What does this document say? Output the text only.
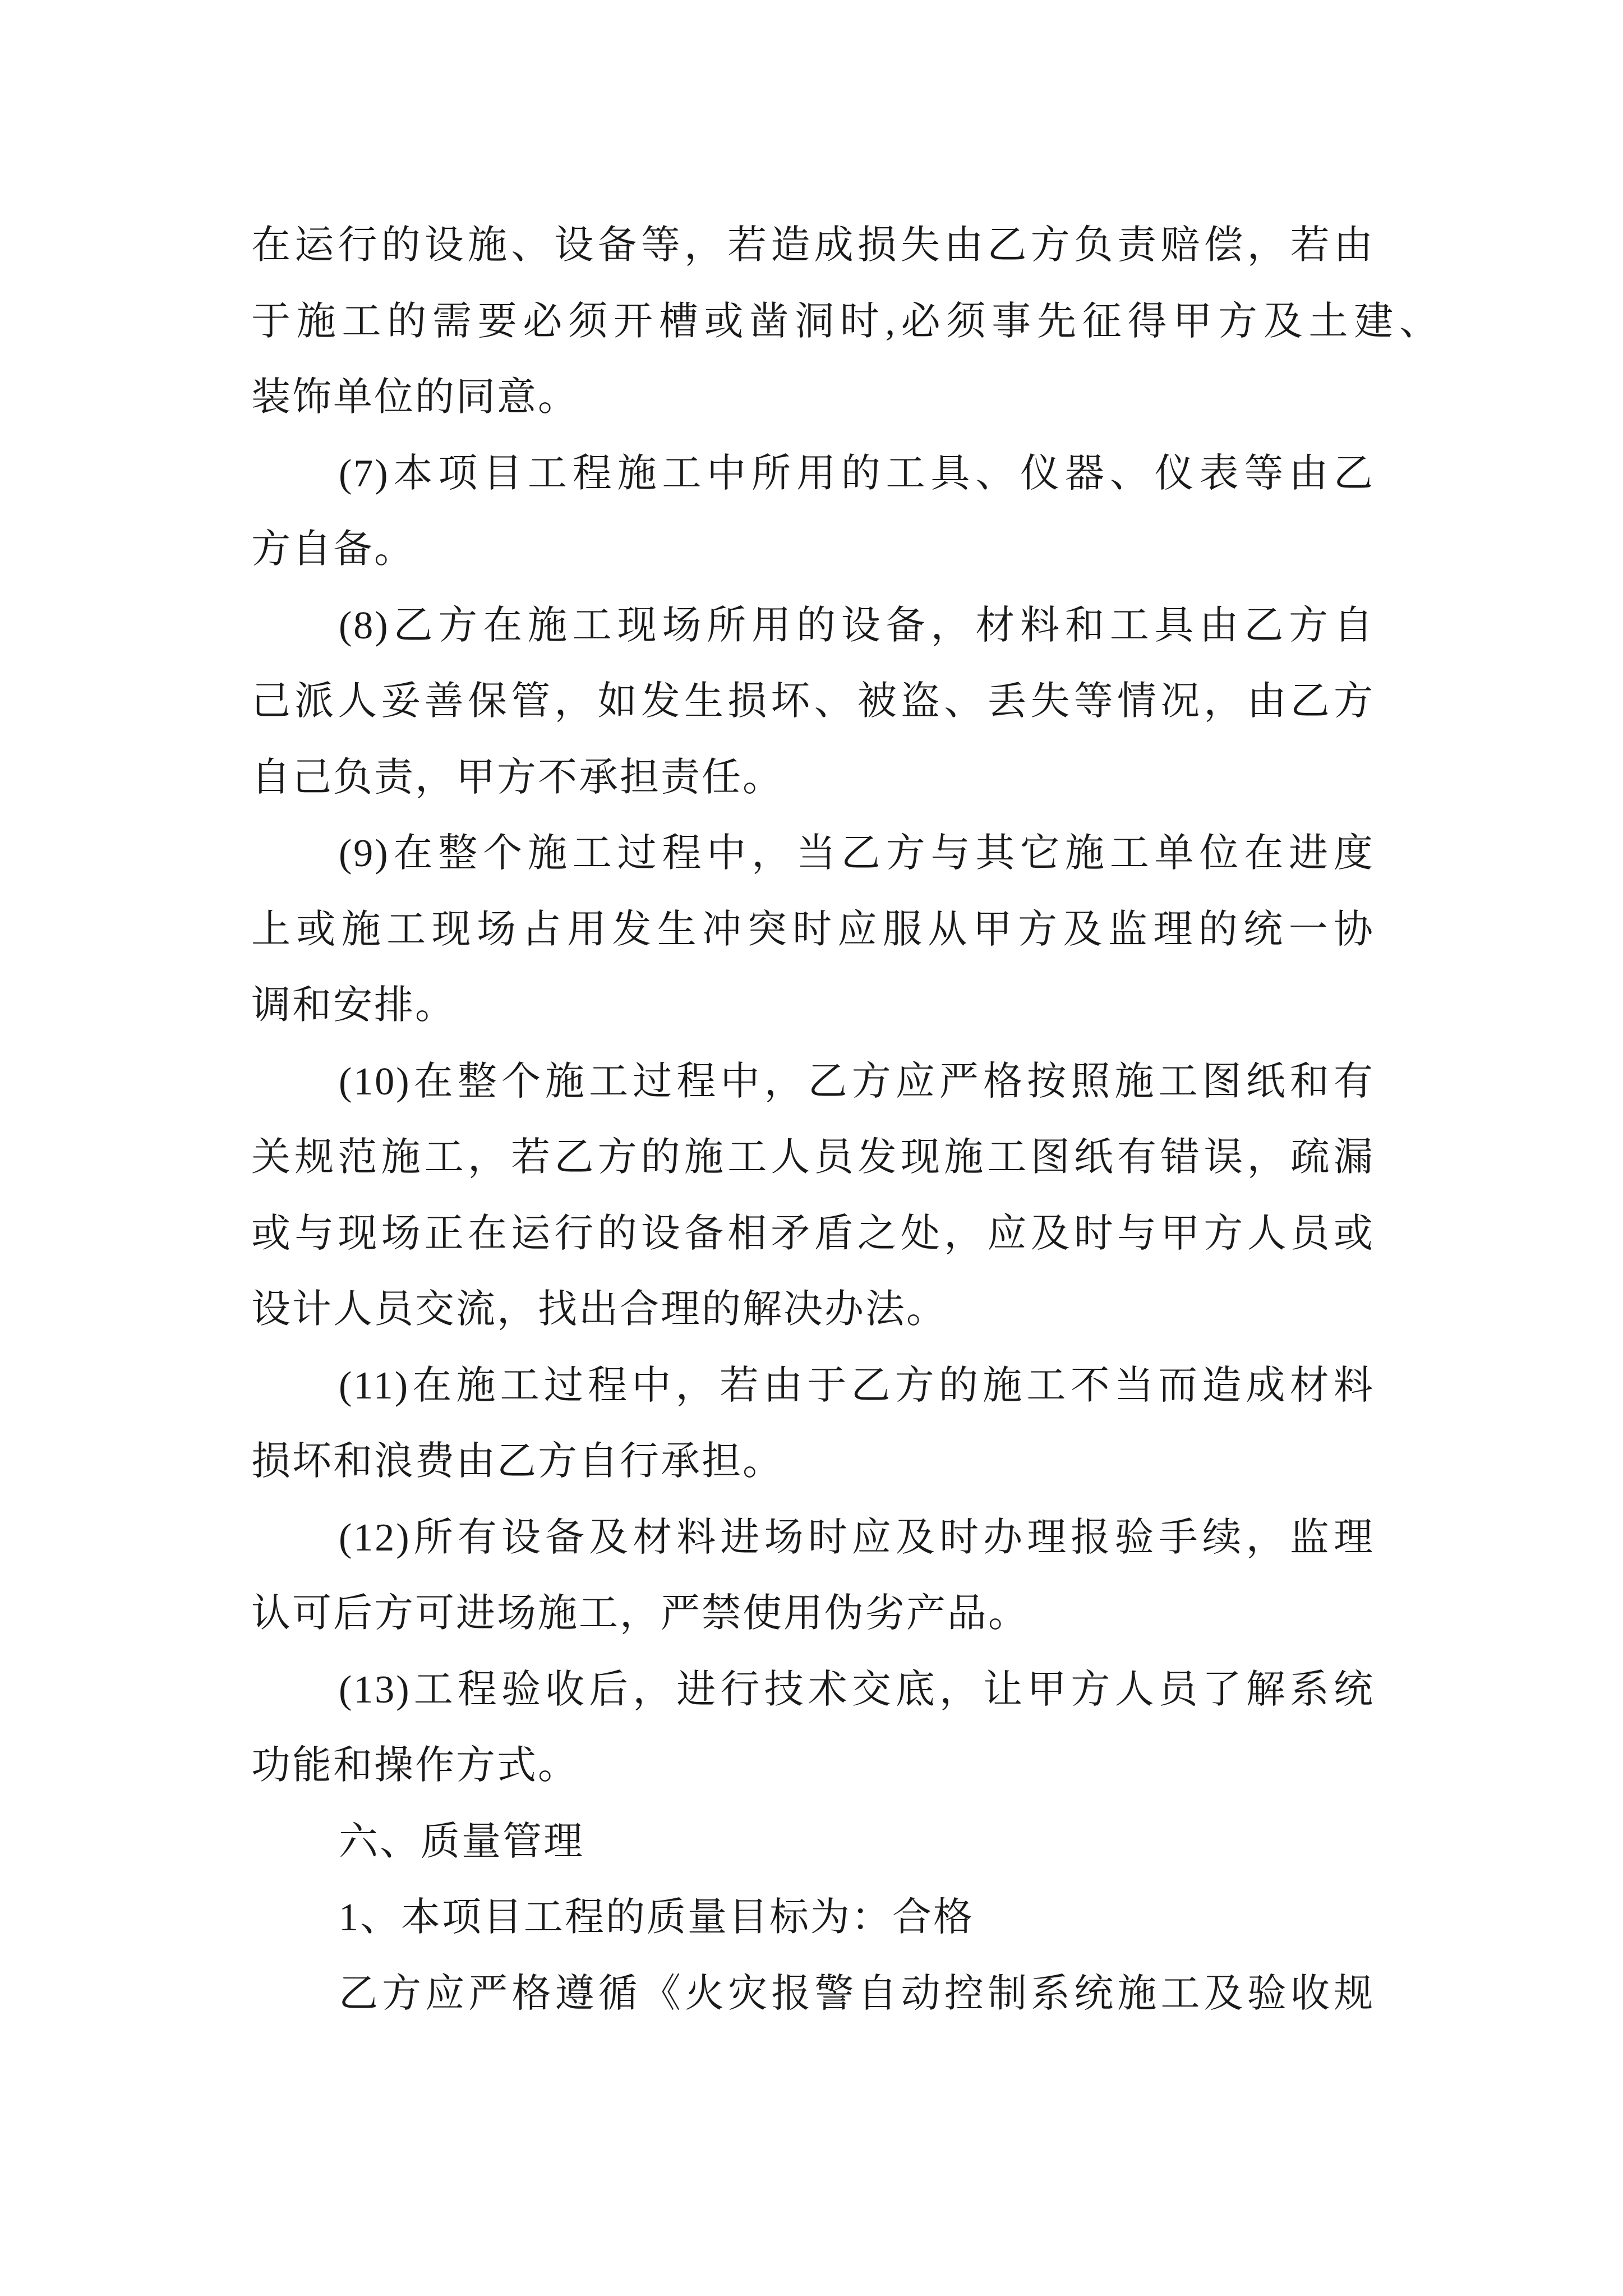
在运行的设施、设备等，若造成损失由乙方负责赔偿，若由
于施工的需要必须开槽或凿洞时,必须事先征得甲方及土建、
装饰单位的同意。
(7)本项目工程施工中所用的工具、仪器、仪表等由乙
方自备。
(8)乙方在施工现场所用的设备，材料和工具由乙方自
己派人妥善保管，如发生损坏、被盗、丢失等情况，由乙方
自己负责，甲方不承担责任。
(9)在整个施工过程中，当乙方与其它施工单位在进度
上或施工现场占用发生冲突时应服从甲方及监理的统一协
调和安排。
(10)在整个施工过程中，乙方应严格按照施工图纸和有
关规范施工，若乙方的施工人员发现施工图纸有错误，疏漏
或与现场正在运行的设备相矛盾之处，应及时与甲方人员或
设计人员交流，找出合理的解决办法。
(11)在施工过程中，若由于乙方的施工不当而造成材料
损坏和浪费由乙方自行承担。
(12)所有设备及材料进场时应及时办理报验手续，监理
认可后方可进场施工，严禁使用伪劣产品。
(13)工程验收后，进行技术交底，让甲方人员了解系统
功能和操作方式。
六、质量管理
1、本项目工程的质量目标为：合格
乙方应严格遵循《火灾报警自动控制系统施工及验收规
